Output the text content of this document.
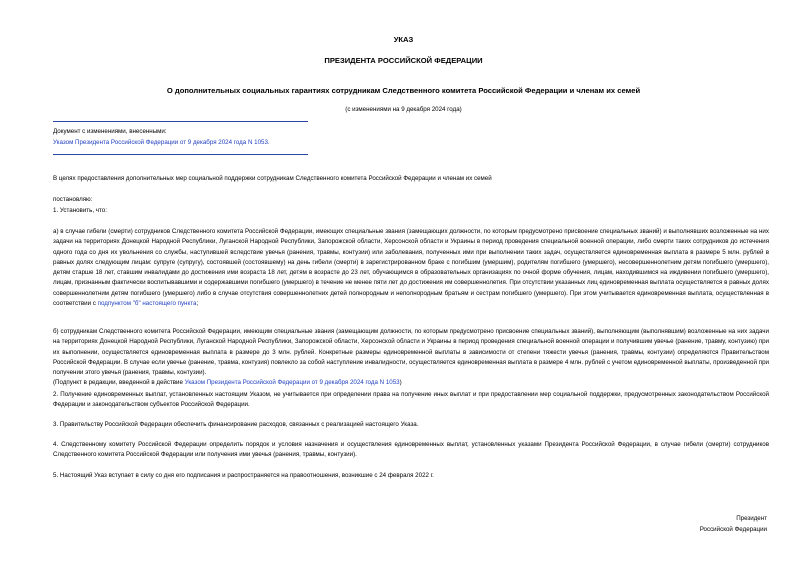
УКАЗ
ПРЕЗИДЕНТА РОССИЙСКОЙ ФЕДЕРАЦИИ
О дополнительных социальных гарантиях сотрудникам Следственного комитета Российской Федерации и членам их семей
(с изменениями на 9 декабря 2024 года)
Документ с изменениями, внесенными:
Указом Президента Российской Федерации от 9 декабря 2024 года N 1053.
В целях предоставления дополнительных мер социальной поддержки сотрудникам Следственного комитета Российской Федерации и членам их семей
постановляю:
1. Установить, что:
а) в случае гибели (смерти) сотрудников Следственного комитета Российской Федерации, имеющих специальные звания (замещающих должности, по которым предусмотрено присвоение специальных званий) и выполнявших возложенные на них задачи на территориях Донецкой Народной Республики, Луганской Народной Республики, Запорожской области, Херсонской области и Украины в период проведения специальной военной операции, либо смерти таких сотрудников до истечения одного года со дня их увольнения со службы, наступившей вследствие увечья (ранения, травмы, контузии) или заболевания, полученных ими при выполнении таких задач, осуществляется единовременная выплата в размере 5 млн. рублей в равных долях следующим лицам: супруге (супругу), состоявшей (состоявшему) на день гибели (смерти) в зарегистрированном браке с погибшим (умершим), родителям погибшего (умершего), несовершеннолетним детям погибшего (умершего), детям старше 18 лет, ставшим инвалидами до достижения ими возраста 18 лет, детям в возрасте до 23 лет, обучающимся в образовательных организациях по очной форме обучения, лицам, находившимся на иждивении погибшего (умершего), лицам, признанным фактически воспитывавшими и содержавшими погибшего (умершего) в течение не менее пяти лет до достижения им совершеннолетия. При отсутствии указанных лиц единовременная выплата осуществляется в равных долях совершеннолетним детям погибшего (умершего) либо в случае отсутствия совершеннолетних детей полнородным и неполнородным братьям и сестрам погибшего (умершего). При этом учитывается единовременная выплата, осуществленная в соответствии с подпунктом "б" настоящего пункта;
б) сотрудникам Следственного комитета Российской Федерации, имеющим специальные звания (замещающим должности, по которым предусмотрено присвоение специальных званий), выполняющим (выполнявшим) возложенные на них задачи на территориях Донецкой Народной Республики, Луганской Народной Республики, Запорожской области, Херсонской области и Украины в период проведения специальной военной операции и получившим увечье (ранение, травму, контузию) при их выполнении, осуществляется единовременная выплата в размере до 3 млн. рублей. Конкретные размеры единовременной выплаты в зависимости от степени тяжести увечья (ранения, травмы, контузии) определяются Правительством Российской Федерации. В случае если увечье (ранение, травма, контузия) повлекло за собой наступление инвалидности, осуществляется единовременная выплата в размере 4 млн. рублей с учетом единовременной выплаты, произведенной при получении этого увечья (ранения, травмы, контузии).
(Подпункт в редакции, введенной в действие Указом Президента Российской Федерации от 9 декабря 2024 года N 1053)
2. Получение единовременных выплат, установленных настоящим Указом, не учитывается при определении права на получение иных выплат и при предоставлении мер социальной поддержки, предусмотренных законодательством Российской Федерации и законодательством субъектов Российской Федерации.
3. Правительству Российской Федерации обеспечить финансирование расходов, связанных с реализацией настоящего Указа.
4. Следственному комитету Российской Федерации определить порядок и условия назначения и осуществления единовременных выплат, установленных указами Президента Российской Федерации, в случае гибели (смерти) сотрудников Следственного комитета Российской Федерации или получения ими увечья (ранения, травмы, контузии).
5. Настоящий Указ вступает в силу со дня его подписания и распространяется на правоотношения, возникшие с 24 февраля 2022 г.
Президент
Российской Федерации
